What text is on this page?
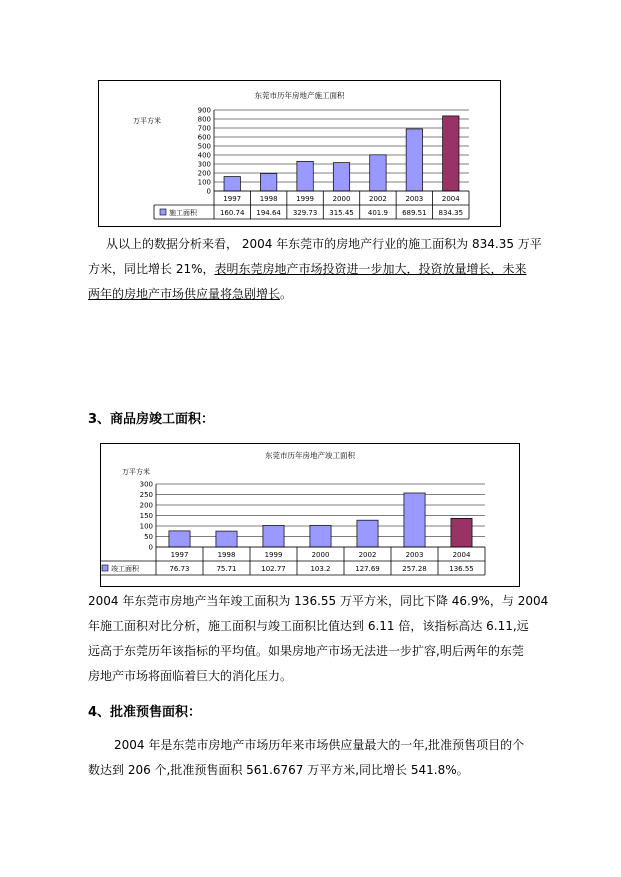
东莞市历年房地产施工面积
万平方米
0
100
200
300
400
500
600
700
800
900
1997
160.74
1998
194.64
1999
329.73
2000
315.45
2002
401.9
2003
689.51
2004
834.35
施工面积
从以上的数据分析来看， 2004 年东莞市的房地产行业的施工面积为 834.35 万平
方米，同比增长 21%，表明东莞房地产市场投资进一步加大，投资放量增长，未来
两年的房地产市场供应量将急剧增长。
3、商品房竣工面积：
东莞市历年房地产竣工面积
万平方米
0
50
100
150
200
250
300
1997
76.73
1998
75.71
1999
102.77
2000
103.2
2002
127.69
2003
257.28
2004
136.55
竣工面积
2004 年东莞市房地产当年竣工面积为 136.55 万平方米，同比下降 46.9%，与 2004
年施工面积对比分析，施工面积与竣工面积比值达到 6.11 倍，该指标高达 6.11,远
远高于东莞历年该指标的平均值。如果房地产市场无法进一步扩容,明后两年的东莞
房地产市场将面临着巨大的消化压力。
4、批准预售面积：
2004 年是东莞市房地产市场历年来市场供应量最大的一年,批准预售项目的个
数达到 206 个,批准预售面积 561.6767 万平方米,同比增长 541.8%。
